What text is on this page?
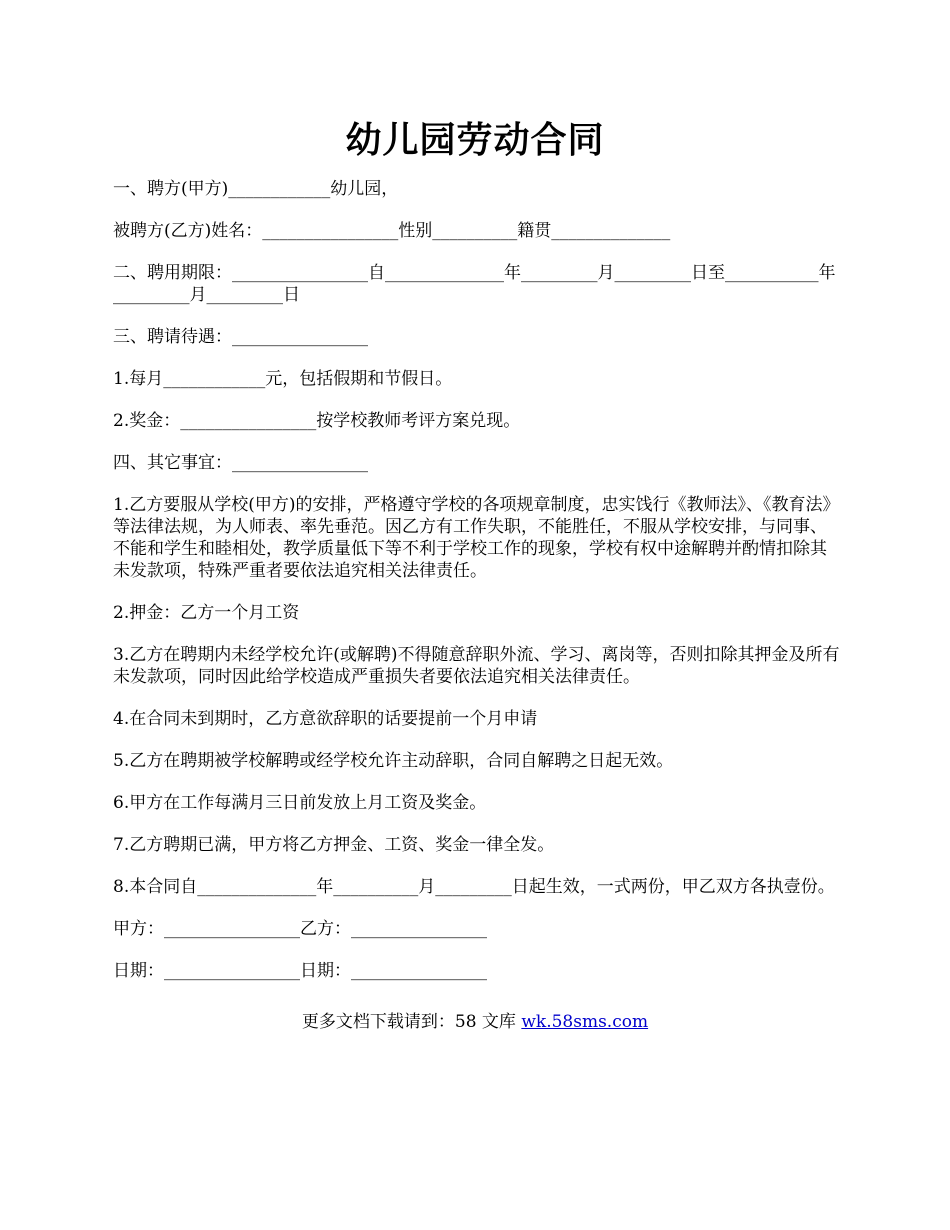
幼儿园劳动合同

一、聘方(甲方)____________幼儿园，

被聘方(乙方)姓名：________________性别__________籍贯______________

二、聘用期限：________________自______________年_________月_________日至___________年_________月_________日

三、聘请待遇：________________

1.每月____________元，包括假期和节假日。

2.奖金：________________按学校教师考评方案兑现。

四、其它事宜：________________

1.乙方要服从学校(甲方)的安排，严格遵守学校的各项规章制度，忠实饯行《教师法》、《教育法》等法律法规，为人师表、率先垂范。因乙方有工作失职，不能胜任，不服从学校安排，与同事、不能和学生和睦相处，教学质量低下等不利于学校工作的现象，学校有权中途解聘并酌情扣除其未发款项，特殊严重者要依法追究相关法律责任。

2.押金：乙方一个月工资

3.乙方在聘期内未经学校允许(或解聘)不得随意辞职外流、学习、离岗等，否则扣除其押金及所有未发款项，同时因此给学校造成严重损失者要依法追究相关法律责任。

4.在合同未到期时，乙方意欲辞职的话要提前一个月申请

5.乙方在聘期被学校解聘或经学校允许主动辞职，合同自解聘之日起无效。

6.甲方在工作每满月三日前发放上月工资及奖金。

7.乙方聘期已满，甲方将乙方押金、工资、奖金一律全发。

8.本合同自______________年__________月_________日起生效，一式两份，甲乙双方各执壹份。

甲方：________________乙方：________________

日期：________________日期：________________

更多文档下载请到：58 文库 wk.58sms.com
